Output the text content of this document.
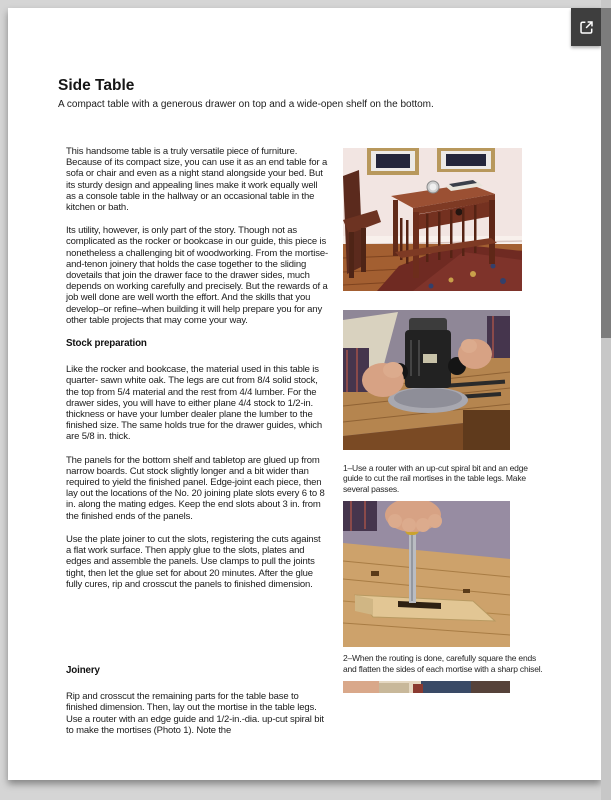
Side Table

A compact table with a generous drawer on top and a wide-open shelf on the bottom.

This handsome table is a truly versatile piece of furniture. Because of its compact size, you can use it as an end table for a sofa or chair and even as a night stand alongside your bed. But its sturdy design and appealing lines make it work equally well as a console table in the hallway or an occasional table in the kitchen or bath.

Its utility, however, is only part of the story. Though not as complicated as the rocker or bookcase in our guide, this piece is nonetheless a challenging bit of woodworking. From the mortise-and-tenon joinery that holds the case together to the sliding dovetails that join the drawer face to the drawer sides, much depends on working carefully and precisely. But the rewards of a job well done are well worth the effort. And the skills that you develop–or refine–when building it will help prepare you for any other table projects that may come your way.

Stock preparation

Like the rocker and bookcase, the material used in this table is quarter- sawn white oak. The legs are cut from 8/4 solid stock, the top from 5/4 material and the rest from 4/4 lumber. For the drawer sides, you will have to either plane 4/4 stock to 1/2-in. thickness or have your lumber dealer plane the lumber to the finished size. The same holds true for the drawer guides, which are 5/8 in. thick.

The panels for the bottom shelf and tabletop are glued up from narrow boards. Cut stock slightly longer and a bit wider than required to yield the finished panel. Edge-joint each piece, then lay out the locations of the No. 20 joining plate slots every 6 to 8 in. along the mating edges. Keep the end slots about 3 in. from the finished ends of the panels.

Use the plate joiner to cut the slots, registering the cuts against a flat work surface. Then apply glue to the slots, plates and edges and assemble the panels. Use clamps to pull the joints tight, then let the glue set for about 20 minutes. After the glue fully cures, rip and crosscut the panels to finished dimension.

Joinery

Rip and crosscut the remaining parts for the table base to finished dimension. Then, lay out the mortise in the table legs. Use a router with an edge guide and 1/2-in.-dia. up-cut spiral bit to make the mortises (Photo 1). Note the

1–Use a router with an up-cut spiral bit and an edge guide to cut the rail mortises in the table legs. Make several passes.
2–When the routing is done, carefully square the ends and flatten the sides of each mortise with a sharp chisel.
